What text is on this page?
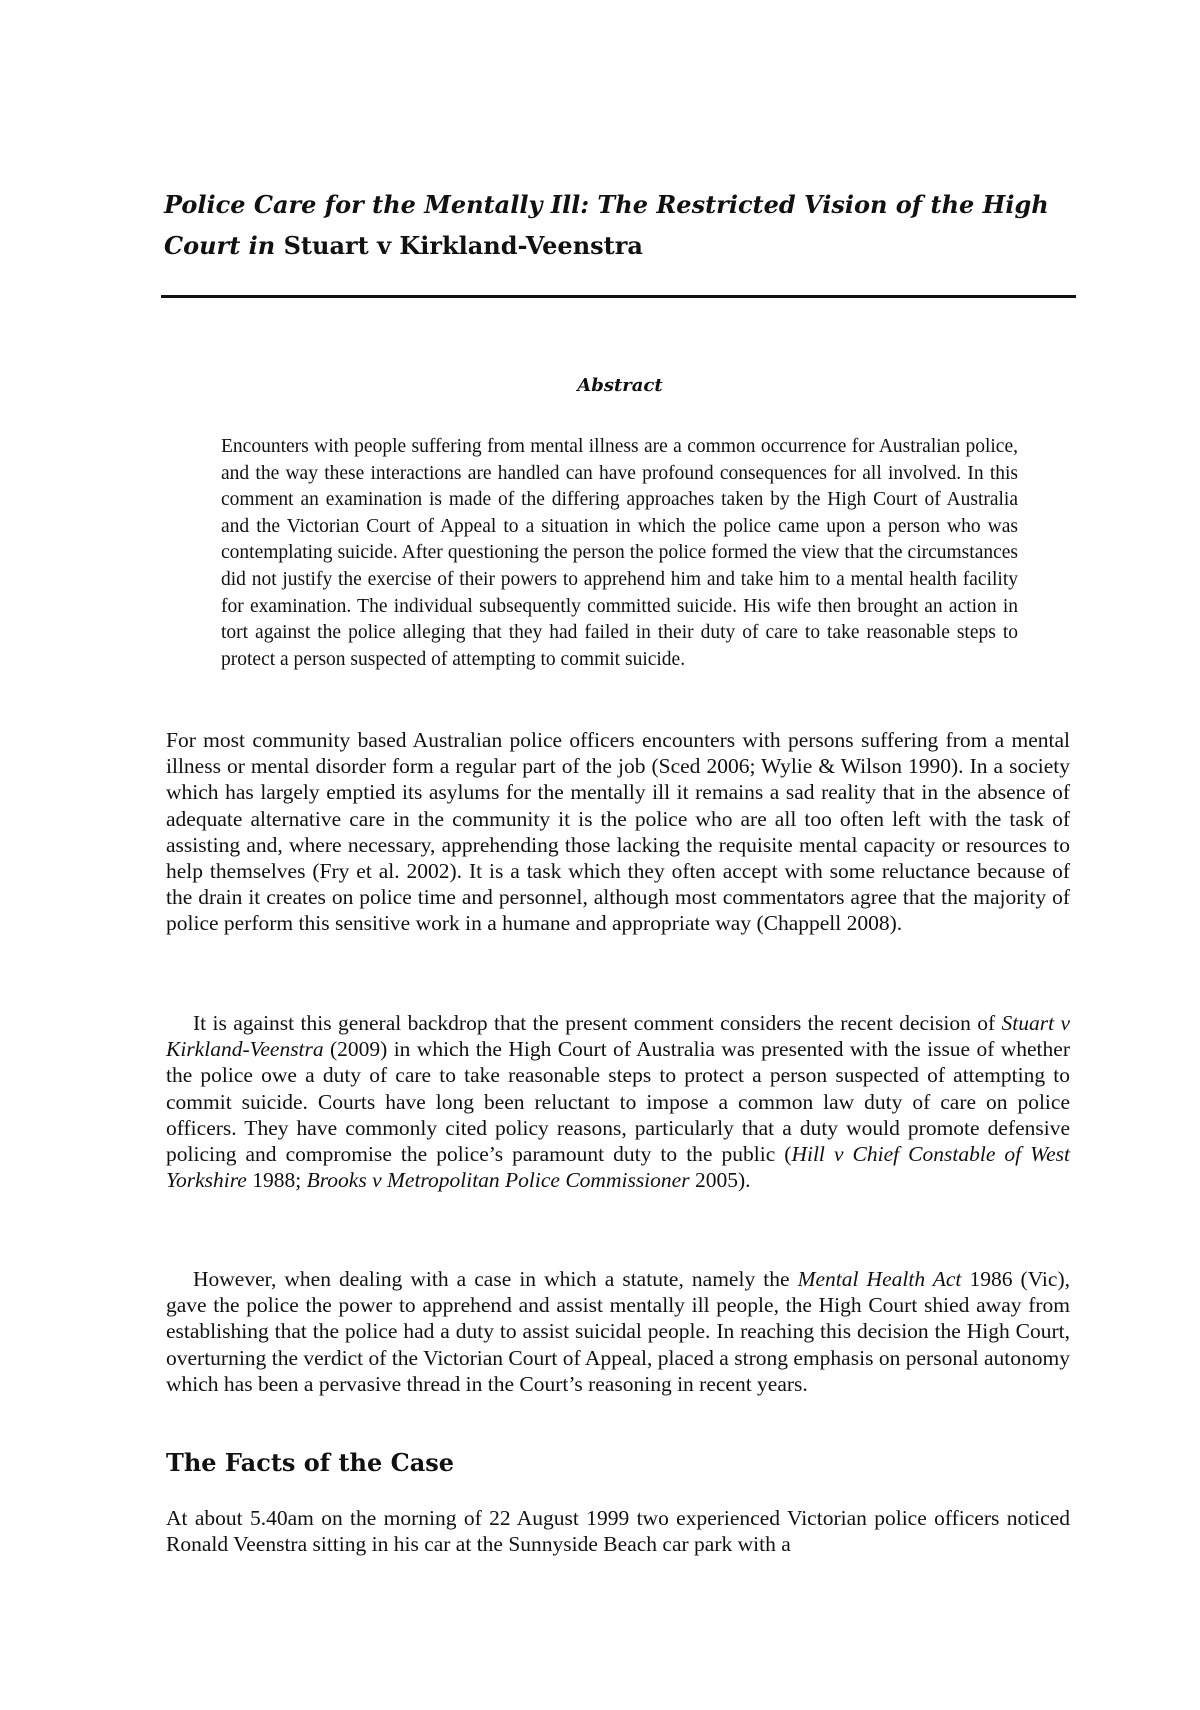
Police Care for the Mentally Ill: The Restricted Vision of the High Court in Stuart v Kirkland-Veenstra
Abstract

Encounters with people suffering from mental illness are a common occurrence for Australian police, and the way these interactions are handled can have profound consequences for all involved. In this comment an examination is made of the differing approaches taken by the High Court of Australia and the Victorian Court of Appeal to a situation in which the police came upon a person who was contemplating suicide. After questioning the person the police formed the view that the circumstances did not justify the exercise of their powers to apprehend him and take him to a mental health facility for examination. The individual subsequently committed suicide. His wife then brought an action in tort against the police alleging that they had failed in their duty of care to take reasonable steps to protect a person suspected of attempting to commit suicide.

For most community based Australian police officers encounters with persons suffering from a mental illness or mental disorder form a regular part of the job (Sced 2006; Wylie & Wilson 1990). In a society which has largely emptied its asylums for the mentally ill it remains a sad reality that in the absence of adequate alternative care in the community it is the police who are all too often left with the task of assisting and, where necessary, apprehending those lacking the requisite mental capacity or resources to help themselves (Fry et al. 2002). It is a task which they often accept with some reluctance because of the drain it creates on police time and personnel, although most commentators agree that the majority of police perform this sensitive work in a humane and appropriate way (Chappell 2008).

It is against this general backdrop that the present comment considers the recent decision of Stuart v Kirkland-Veenstra (2009) in which the High Court of Australia was presented with the issue of whether the police owe a duty of care to take reasonable steps to protect a person suspected of attempting to commit suicide. Courts have long been reluctant to impose a common law duty of care on police officers. They have commonly cited policy reasons, particularly that a duty would promote defensive policing and compromise the police’s paramount duty to the public (Hill v Chief Constable of West Yorkshire 1988; Brooks v Metropolitan Police Commissioner 2005).

However, when dealing with a case in which a statute, namely the Mental Health Act 1986 (Vic), gave the police the power to apprehend and assist mentally ill people, the High Court shied away from establishing that the police had a duty to assist suicidal people. In reaching this decision the High Court, overturning the verdict of the Victorian Court of Appeal, placed a strong emphasis on personal autonomy which has been a pervasive thread in the Court’s reasoning in recent years.

The Facts of the Case

At about 5.40am on the morning of 22 August 1999 two experienced Victorian police officers noticed Ronald Veenstra sitting in his car at the Sunnyside Beach car park with a
